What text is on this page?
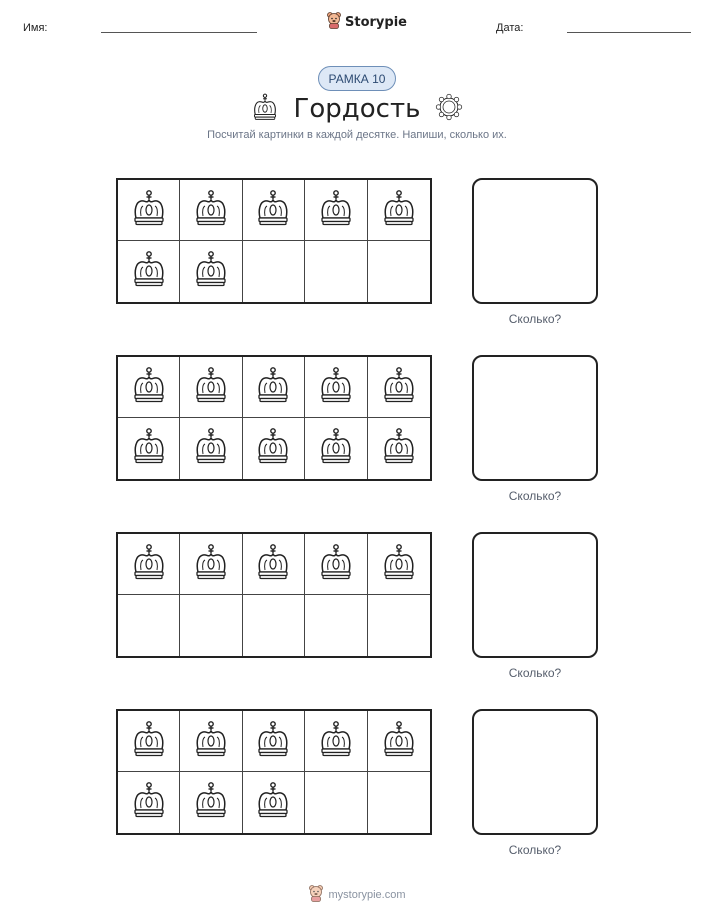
Имя:	Дата:
Storypie
РАМКА 10
Гордость
Посчитай картинки в каждой десятке. Напиши, сколько их.
Сколько?
Сколько?
Сколько?
Сколько?
mystorypie.com
